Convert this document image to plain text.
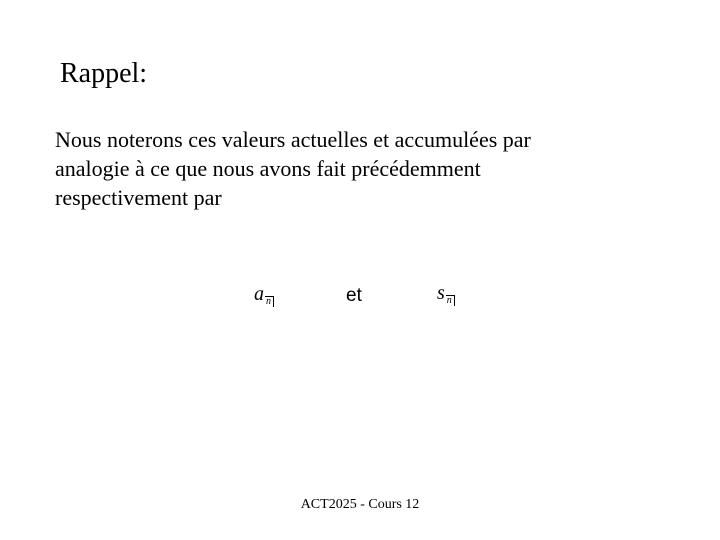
Rappel:
Nous noterons ces valeurs actuelles et accumulées par
analogie à ce que nous avons fait précédemment
respectivement par
a n	et	s n
ACT2025 - Cours 12
